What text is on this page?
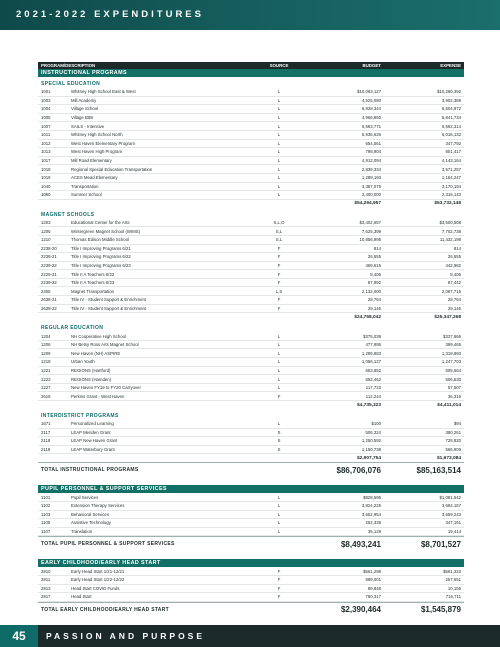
2021-2022 EXPENDITURES
PROGRAM/DESCRIPTION	SOURCE	BUDGET	EXPENSE
INSTRUCTIONAL PROGRAMS
SPECIAL EDUCATION
1001	Whitney High School East & West	L	$10,063,127	$10,260,392
1003	Mill Academy	L	4,525,080	3,902,389
1004	Village School	L	6,928,344	6,604,972
1005	Village BIBI	L	4,966,850	5,841,734
1007	SAILS - Intensive	L	5,593,771	5,592,314
1011	Whitney High School North	L	5,936,626	6,016,132
1012	West Haven Elementary Program	L	654,561	347,792
1013	West Haven High Program	L	798,904	801,417
1017	Mill Road Elementary	L	4,912,094	4,143,164
1018	Regional Special Education Transportation	L	2,839,334	3,571,257
1019	ACES Mead Elementary	L	1,289,160	1,164,247
1040	Transportation	L	3,387,075	3,170,194
1060	Summer School	L	2,400,000	2,316,143
$54,294,957	$53,732,148
MAGNET SCHOOLS
1203	Educational Center for the Arts	S,L,O	$3,402,657	$3,500,508
1205	Wintergreen Magnet School (WIMS)	S,L	7,625,399	7,702,738
1210	Thomas Edison Middle School	S,L	10,856,995	11,432,198
2238-20	Title I Improving Programs 6/21	F	814	814
2238-21	Title I Improving Programs 6/22	F	26,555	26,555
2239-22	Title I Improving Programs 6/23	F	469,615	442,982
2229-21	Title II A Teachers 6/22	F	8,406	8,406
2239-22	Title II A Teachers 6/23	F	87,892	87,442
2405	Magnet Transportation	L,S	2,132,000	2,087,716
2638-21	Title IV - Student Support & Enrichment	F	28,764	28,764
2638-22	Title IV - Student Support & Enrichment	F	29,146	29,146
$24,768,042	$25,347,268
REGULAR EDUCATION
1204	NH Cooperative High School	L	$375,039	$337,966
1206	NH Betsy Ross Arts Magnet School	L	477,995	399,465
1209	New Haven (NH) ASPIRE	L	1,289,883	1,319,860
1218	Urban Youth	L	1,056,127	1,247,703
1221	REGIONS (Hartford)	L	653,852	505,564
1223	REGIONS (Hamden)	L	652,462	506,630
1227	New Haven FY19 to FY20 Carryover	L	117,723	57,507
2616	Perkins Grant - West Haven	F	112,244	36,319
$4,735,323	$4,411,014
INTERDISTRICT PROGRAMS
1671	Personalized Learning	L	$100	$94
2117	LEAP Meriden Grant	S	506,324	380,261
2118	LEAP New Haven Grant	S	1,250,592	725,820
2119	LEAP Waterbury Grant	S	1,150,738	566,909
$2,907,754	$1,673,084
TOTAL INSTRUCTIONAL PROGRAMS	$86,706,076	$85,163,514
PUPIL PERSONNEL & SUPPORT SERVICES
1101	Pupil Services	L	$828,595	$1,081,542
1102	Extension Therapy Services	L	3,824,225	3,694,167
1103	Behavioral Services	L	3,552,954	3,559,243
1105	Assistive Technology	L	252,338	347,161
1107	Translation	L	35,129	19,414
TOTAL PUPIL PERSONNEL & SUPPORT SERVICES	$8,493,241	$8,701,527
EARLY CHILDHOOD/EARLY HEAD START
2810	Early Head Start 1/21-12/21	F	$561,298	$561,323
2811	Early Head Start 1/22-12/22	F	989,001	257,651
2813	Head Start COVID Funds	F	89,848	10,155
2817	Head Start	F	750,317	716,711
TOTAL EARLY CHILDHOOD/EARLY HEAD START	$2,390,464	$1,545,879
45	PASSION AND PURPOSE
